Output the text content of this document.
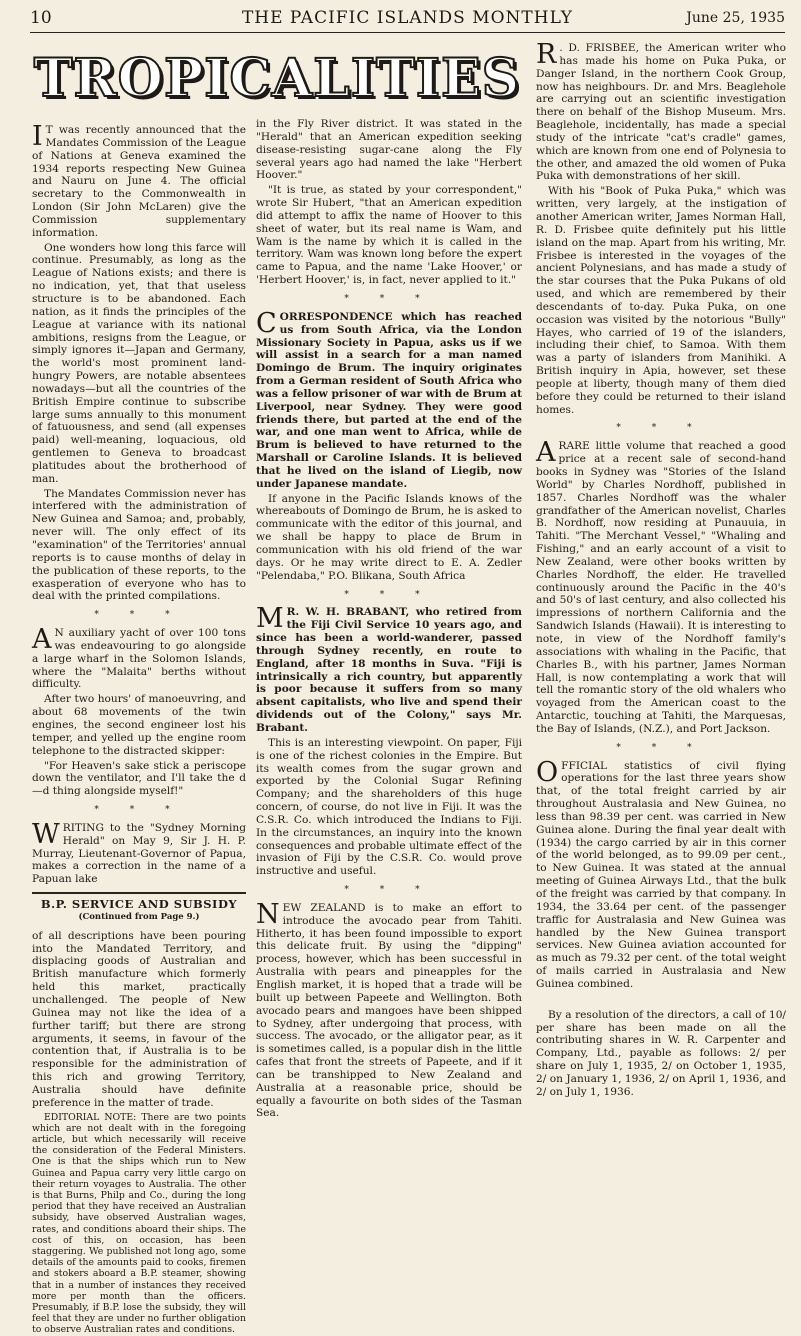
10	THE PACIFIC ISLANDS MONTHLY	June 25, 1935
TROPICALITIES

I T was recently announced that the Mandates Commission of the League of Nations at Geneva examined the 1934 reports respecting New Guinea and Nauru on June 4. The official secretary to the Commonwealth in London (Sir John McLaren) give the Commission supplementary information.

One wonders how long this farce will continue. Presumably, as long as the League of Nations exists; and there is no indication, yet, that that useless structure is to be abandoned. Each nation, as it finds the principles of the League at variance with its national ambitions, resigns from the League, or simply ignores it—Japan and Germany, the world's most prominent land-hungry Powers, are notable absentees nowadays—but all the countries of the British Empire continue to subscribe large sums annually to this monument of fatuousness, and send (all expenses paid) well-meaning, loquacious, old gentlemen to Geneva to broadcast platitudes about the brotherhood of man.

The Mandates Commission never has interfered with the administration of New Guinea and Samoa; and, probably, never will. The only effect of its "examination" of the Territories' annual reports is to cause months of delay in the publication of these reports, to the exasperation of everyone who has to deal with the printed compilations.

* * *

A N auxiliary yacht of over 100 tons was endeavouring to go alongside a large wharf in the Solomon Islands, where the "Malaita" berths without difficulty.

After two hours' of manoeuvring, and about 68 movements of the twin engines, the second engineer lost his temper, and yelled up the engine room telephone to the distracted skipper:

"For Heaven's sake stick a periscope down the ventilator, and I'll take the d—d thing alongside myself!"

* * *

WRITING to the "Sydney Morning Herald" on May 9, Sir J. H. P. Murray, Lieutenant-Governor of Papua, makes a correction in the name of a Papuan lake

B.P. SERVICE AND SUBSIDY
(Continued from Page 9.)

of all descriptions have been pouring into the Mandated Territory, and displacing goods of Australian and British manufacture which formerly held this market, practically unchallenged. The people of New Guinea may not like the idea of a further tariff; but there are strong arguments, it seems, in favour of the contention that, if Australia is to be responsible for the administration of this rich and growing Territory, Australia should have definite preference in the matter of trade.

EDITORIAL NOTE: There are two points which are not dealt with in the foregoing article, but which necessarily will receive the consideration of the Federal Ministers. One is that the ships which run to New Guinea and Papua carry very little cargo on their return voyages to Australia. The other is that Burns, Philp and Co., during the long period that they have received an Australian subsidy, have observed Australian wages, rates, and conditions aboard their ships. The cost of this, on occasion, has been staggering. We published not long ago, some details of the amounts paid to cooks, firemen and stokers aboard a B.P. steamer, showing that in a number of instances they received more per month than the officers. Presumably, if B.P. lose the subsidy, they will feel that they are under no further obligation to observe Australian rates and conditions.

in the Fly River district. It was stated in the "Herald" that an American expedition seeking disease-resisting sugar-cane along the Fly several years ago had named the lake "Herbert Hoover."

"It is true, as stated by your correspondent," wrote Sir Hubert, "that an American expedition did attempt to affix the name of Hoover to this sheet of water, but its real name is Wam, and Wam is the name by which it is called in the territory. Wam was known long before the expert came to Papua, and the name 'Lake Hoover,' or 'Herbert Hoover,' is, in fact, never applied to it."

* * *

CORRESPONDENCE which has reached us from South Africa, via the London Missionary Society in Papua, asks us if we will assist in a search for a man named Domingo de Brum. The inquiry originates from a German resident of South Africa who was a fellow prisoner of war with de Brum at Liverpool, near Sydney. They were good friends there, but parted at the end of the war, and one man went to Africa, while de Brum is believed to have returned to the Marshall or Caroline Islands. It is believed that he lived on the island of Liegib, now under Japanese mandate.

If anyone in the Pacific Islands knows of the whereabouts of Domingo de Brum, he is asked to communicate with the editor of this journal, and we shall be happy to place de Brum in communication with his old friend of the war days. Or he may write direct to E. A. Zedler "Pelendaba," P.O. Blikana, South Africa

* * *

M R. W. H. BRABANT, who retired from the Fiji Civil Service 10 years ago, and since has been a world-wanderer, passed through Sydney recently, en route to England, after 18 months in Suva. "Fiji is intrinsically a rich country, but apparently is poor because it suffers from so many absent capitalists, who live and spend their dividends out of the Colony," says Mr. Brabant.

This is an interesting viewpoint. On paper, Fiji is one of the richest colonies in the Empire. But its wealth comes from the sugar grown and exported by the Colonial Sugar Refining Company; and the shareholders of this huge concern, of course, do not live in Fiji. It was the C.S.R. Co. which introduced the Indians to Fiji. In the circumstances, an inquiry into the known consequences and probable ultimate effect of the invasion of Fiji by the C.S.R. Co. would prove instructive and useful.

* * *

NEW ZEALAND is to make an effort to introduce the avocado pear from Tahiti. Hitherto, it has been found impossible to export this delicate fruit. By using the "dipping" process, however, which has been successful in Australia with pears and pineapples for the English market, it is hoped that a trade will be built up between Papeete and Wellington. Both avocado pears and mangoes have been shipped to Sydney, after undergoing that process, with success. The avocado, or the alligator pear, as it is sometimes called, is a popular dish in the little cafes that front the streets of Papeete, and if it can be transhipped to New Zealand and Australia at a reasonable price, should be equally a favourite on both sides of the Tasman Sea.

R . D. FRISBEE, the American writer who has made his home on Puka Puka, or Danger Island, in the northern Cook Group, now has neighbours. Dr. and Mrs. Beaglehole are carrying out an scientific investigation there on behalf of the Bishop Museum. Mrs. Beaglehole, incidentally, has made a special study of the intricate "cat's cradle" games, which are known from one end of Polynesia to the other, and amazed the old women of Puka Puka with demonstrations of her skill.

With his "Book of Puka Puka," which was written, very largely, at the instigation of another American writer, James Norman Hall, R. D. Frisbee quite definitely put his little island on the map. Apart from his writing, Mr. Frisbee is interested in the voyages of the ancient Polynesians, and has made a study of the star courses that the Puka Pukans of old used, and which are remembered by their descendants of to-day. Puka Puka, on one occasion was visited by the notorious "Bully" Hayes, who carried of 19 of the islanders, including their chief, to Samoa. With them was a party of islanders from Manihiki. A British inquiry in Apia, however, set these people at liberty, though many of them died before they could be returned to their island homes.

* * *

ARARE little volume that reached a good price at a recent sale of second-hand books in Sydney was "Stories of the Island World" by Charles Nordhoff, published in 1857. Charles Nordhoff was the whaler grandfather of the American novelist, Charles B. Nordhoff, now residing at Punauuia, in Tahiti. "The Merchant Vessel," "Whaling and Fishing," and an early account of a visit to New Zealand, were other books written by Charles Nordhoff, the elder. He travelled continuously around the Pacific in the 40's and 50's of last century, and also collected his impressions of northern California and the Sandwich Islands (Hawaii). It is interesting to note, in view of the Nordhoff family's associations with whaling in the Pacific, that Charles B., with his partner, James Norman Hall, is now contemplating a work that will tell the romantic story of the old whalers who voyaged from the American coast to the Antarctic, touching at Tahiti, the Marquesas, the Bay of Islands, (N.Z.), and Port Jackson.

* * *

OFFICIAL statistics of civil flying operations for the last three years show that, of the total freight carried by air throughout Australasia and New Guinea, no less than 98.39 per cent. was carried in New Guinea alone. During the final year dealt with (1934) the cargo carried by air in this corner of the world belonged, as to 99.09 per cent., to New Guinea. It was stated at the annual meeting of Guinea Airways Ltd., that the bulk of the freight was carried by that company. In 1934, the 33.64 per cent. of the passenger traffic for Australasia and New Guinea was handled by the New Guinea transport services. New Guinea aviation accounted for as much as 79.32 per cent. of the total weight of mails carried in Australasia and New Guinea combined.

By a resolution of the directors, a call of 10/ per share has been made on all the contributing shares in W. R. Carpenter and Company, Ltd., payable as follows: 2/ per share on July 1, 1935, 2/ on October 1, 1935, 2/ on January 1, 1936, 2/ on April 1, 1936, and 2/ on July 1, 1936.
